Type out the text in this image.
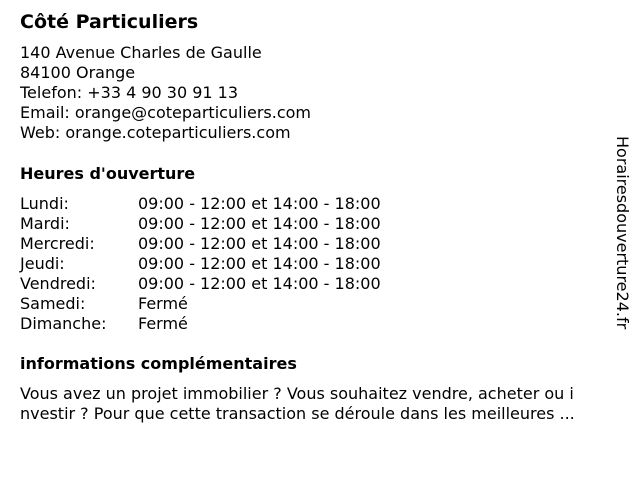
Côté Particuliers
140 Avenue Charles de Gaulle
84100 Orange
Telefon: +33 4 90 30 91 13
Email: orange@coteparticuliers.com
Web: orange.coteparticuliers.com
Heures d'ouverture
Lundi:	09:00 - 12:00 et 14:00 - 18:00
Mardi:	09:00 - 12:00 et 14:00 - 18:00
Mercredi:	09:00 - 12:00 et 14:00 - 18:00
Jeudi:	09:00 - 12:00 et 14:00 - 18:00
Vendredi:	09:00 - 12:00 et 14:00 - 18:00
Samedi:	Fermé
Dimanche: Fermé
informations complémentaires
Vous avez un projet immobilier ? Vous souhaitez vendre, acheter ou i
nvestir ? Pour que cette transaction se déroule dans les meilleures ...
Horairesdouverture24.fr
